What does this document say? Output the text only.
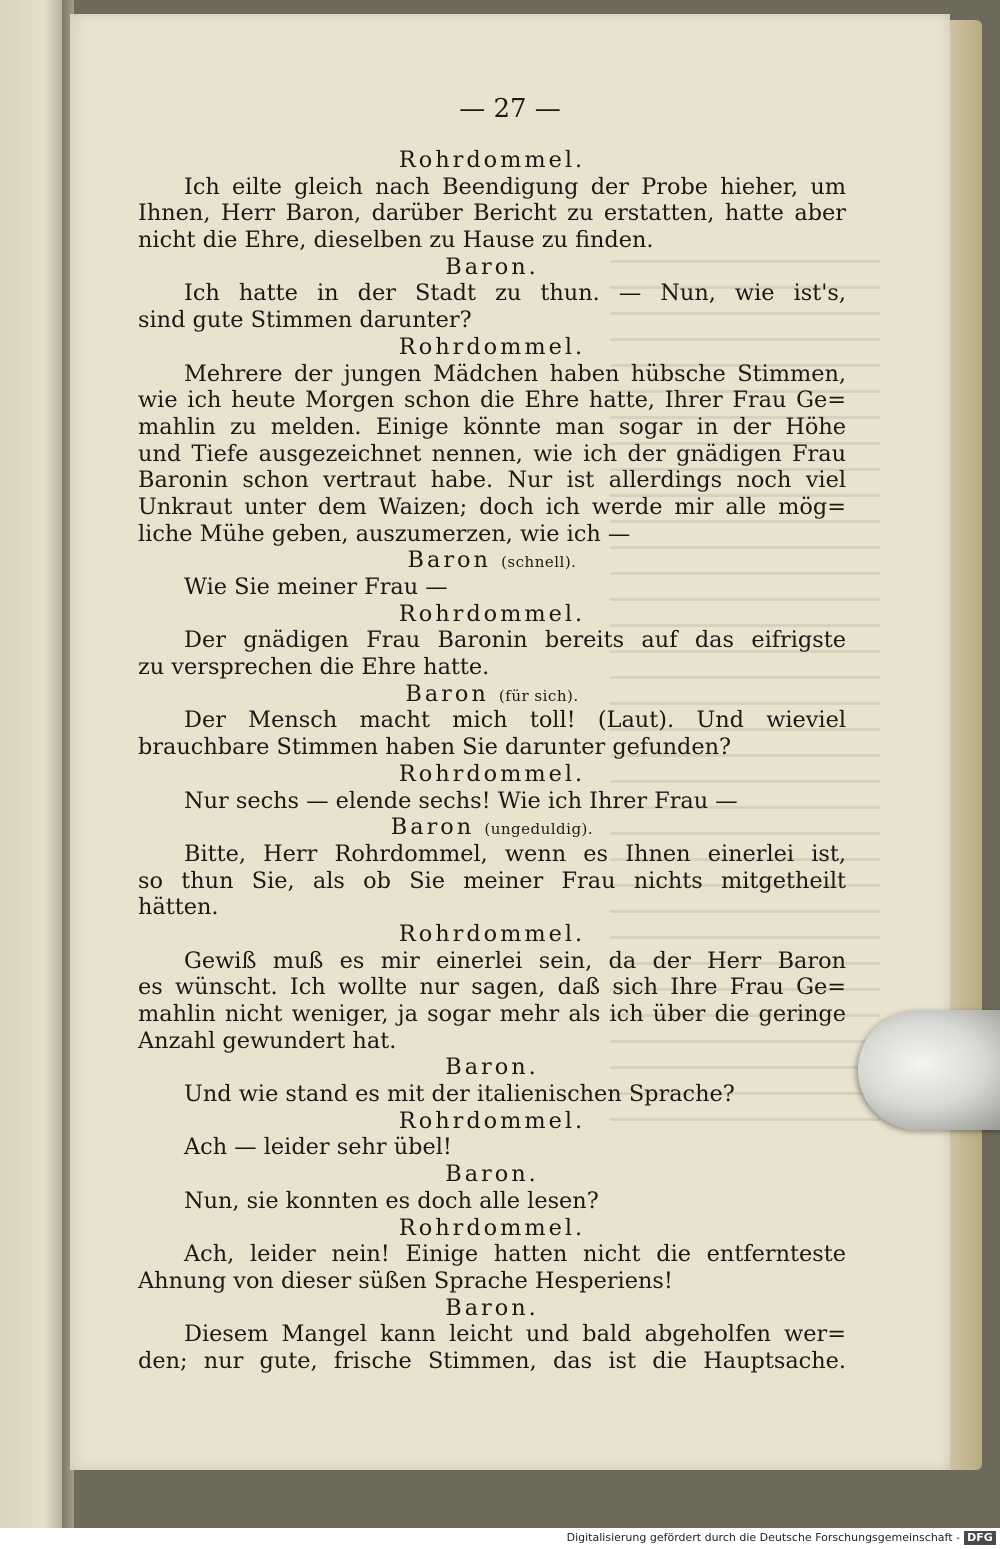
— 27 —
Rohrdommel.
Ich eilte gleich nach Beendigung der Probe hieher, um
Ihnen, Herr Baron, darüber Bericht zu erstatten, hatte aber
nicht die Ehre, dieselben zu Hause zu finden.
Baron.
Ich hatte in der Stadt zu thun. — Nun, wie ist's,
sind gute Stimmen darunter?
Rohrdommel.
Mehrere der jungen Mädchen haben hübsche Stimmen,
wie ich heute Morgen schon die Ehre hatte, Ihrer Frau Ge=
mahlin zu melden. Einige könnte man sogar in der Höhe
und Tiefe ausgezeichnet nennen, wie ich der gnädigen Frau
Baronin schon vertraut habe. Nur ist allerdings noch viel
Unkraut unter dem Waizen; doch ich werde mir alle mög=
liche Mühe geben, auszumerzen, wie ich —
Baron (schnell).
Wie Sie meiner Frau —
Rohrdommel.
Der gnädigen Frau Baronin bereits auf das eifrigste
zu versprechen die Ehre hatte.
Baron (für sich).
Der Mensch macht mich toll! (Laut). Und wieviel
brauchbare Stimmen haben Sie darunter gefunden?
Rohrdommel.
Nur sechs — elende sechs! Wie ich Ihrer Frau —
Baron (ungeduldig).
Bitte, Herr Rohrdommel, wenn es Ihnen einerlei ist,
so thun Sie, als ob Sie meiner Frau nichts mitgetheilt
hätten.
Rohrdommel.
Gewiß muß es mir einerlei sein, da der Herr Baron
es wünscht. Ich wollte nur sagen, daß sich Ihre Frau Ge=
mahlin nicht weniger, ja sogar mehr als ich über die geringe
Anzahl gewundert hat.
Baron.
Und wie stand es mit der italienischen Sprache?
Rohrdommel.
Ach — leider sehr übel!
Baron.
Nun, sie konnten es doch alle lesen?
Rohrdommel.
Ach, leider nein! Einige hatten nicht die entfernteste
Ahnung von dieser süßen Sprache Hesperiens!
Baron.
Diesem Mangel kann leicht und bald abgeholfen wer=
den; nur gute, frische Stimmen, das ist die Hauptsache.
Digitalisierung gefördert durch die Deutsche Forschungsgemeinschaft - DFG
